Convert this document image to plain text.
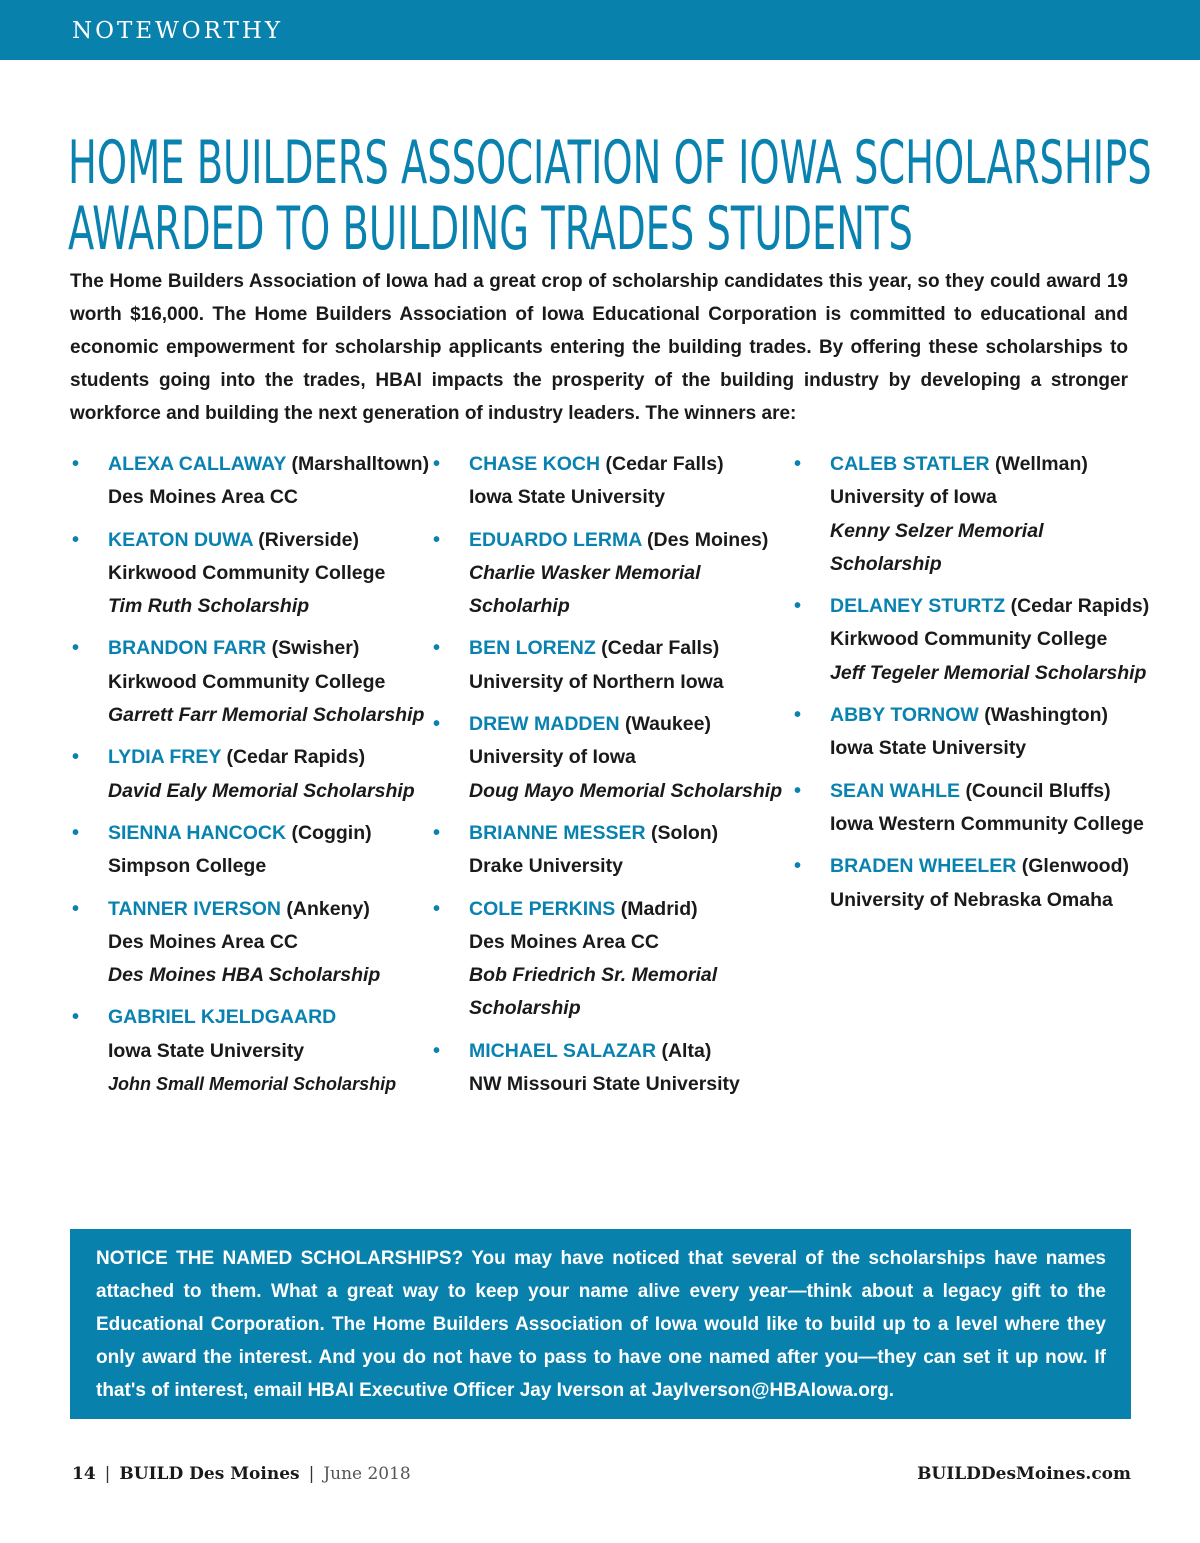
NOTEWORTHY
HOME BUILDERS ASSOCIATION OF IOWA SCHOLARSHIPS
AWARDED TO BUILDING TRADES STUDENTS

The Home Builders Association of Iowa had a great crop of scholarship candidates this year, so they could award 19 worth $16,000. The Home Builders Association of Iowa Educational Corporation is committed to educational and economic empowerment for scholarship applicants entering the building trades. By offering these scholarships to students going into the trades, HBAI impacts the prosperity of the building industry by developing a stronger workforce and building the next generation of industry leaders. The winners are:

• ALEXA CALLAWAY (Marshalltown)
Des Moines Area CC
• KEATON DUWA (Riverside)
Kirkwood Community College
Tim Ruth Scholarship
• BRANDON FARR (Swisher)
Kirkwood Community College
Garrett Farr Memorial Scholarship
• LYDIA FREY (Cedar Rapids)
David Ealy Memorial Scholarship
• SIENNA HANCOCK (Coggin)
Simpson College
• TANNER IVERSON (Ankeny)
Des Moines Area CC
Des Moines HBA Scholarship
• GABRIEL KJELDGAARD
Iowa State University
John Small Memorial Scholarship
• CHASE KOCH (Cedar Falls)
Iowa State University
• EDUARDO LERMA (Des Moines)
Charlie Wasker Memorial Scholarhip
• BEN LORENZ (Cedar Falls)
University of Northern Iowa
• DREW MADDEN (Waukee)
University of Iowa
Doug Mayo Memorial Scholarship
• BRIANNE MESSER (Solon)
Drake University
• COLE PERKINS (Madrid)
Des Moines Area CC
Bob Friedrich Sr. Memorial Scholarship
• MICHAEL SALAZAR (Alta)
NW Missouri State University
• CALEB STATLER (Wellman)
University of Iowa
Kenny Selzer Memorial Scholarship
• DELANEY STURTZ (Cedar Rapids)
Kirkwood Community College
Jeff Tegeler Memorial Scholarship
• ABBY TORNOW (Washington)
Iowa State University
• SEAN WAHLE (Council Bluffs)
Iowa Western Community College
• BRADEN WHEELER (Glenwood)
University of Nebraska Omaha

NOTICE THE NAMED SCHOLARSHIPS? You may have noticed that several of the scholarships have names attached to them. What a great way to keep your name alive every year—think about a legacy gift to the Educational Corporation. The Home Builders Association of Iowa would like to build up to a level where they only award the interest. And you do not have to pass to have one named after you—they can set it up now. If that's of interest, email HBAI Executive Officer Jay Iverson at JayIverson@HBAIowa.org.

14 | BUILD Des Moines | June 2018	BUILDDesMoines.com
